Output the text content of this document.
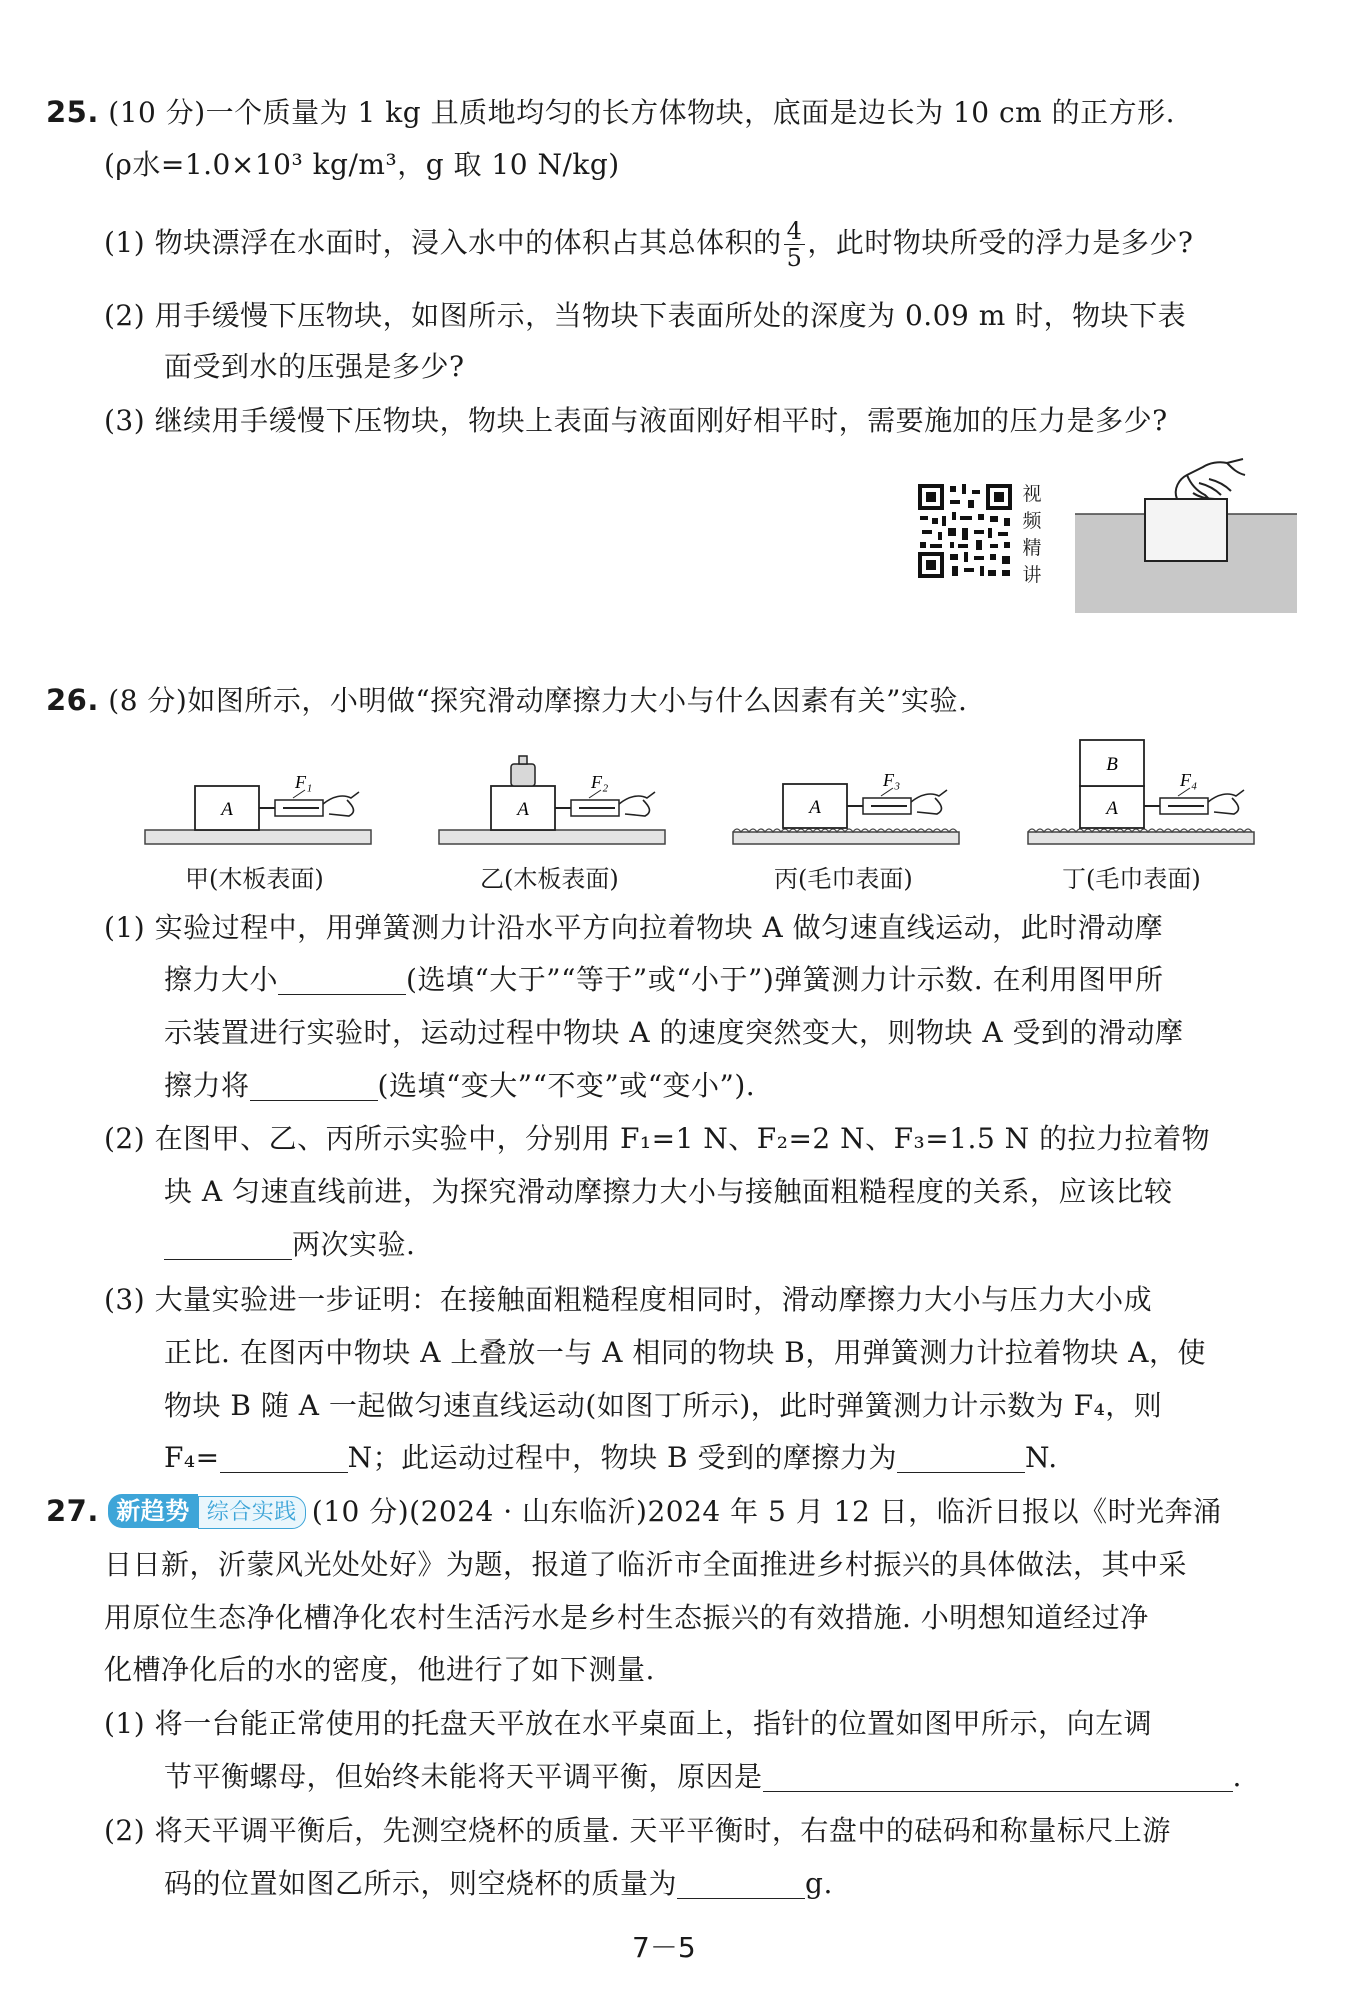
25. (10 分)一个质量为 1 kg 且质地均匀的长方体物块，底面是边长为 10 cm 的正方形.
(ρ水=1.0×10³ kg/m³，g 取 10 N/kg)
(1) 物块漂浮在水面时，浸入水中的体积占其总体积的 $\frac{4}{5}$ ，此时物块所受的浮力是多少?
(2) 用手缓慢下压物块，如图所示，当物块下表面所处的深度为 0.09 m 时，物块下表
面受到水的压强是多少?
(3) 继续用手缓慢下压物块，物块上表面与液面刚好相平时，需要施加的压力是多少?
视
频
精
讲
26. (8 分)如图所示，小明做“探究滑动摩擦力大小与什么因素有关”实验.
A
F₁
甲(木板表面)
A
F₂
乙(木板表面)
A
F₃
丙(毛巾表面)
A
B
F₄
丁(毛巾表面)
(1) 实验过程中，用弹簧测力计沿水平方向拉着物块 A 做匀速直线运动，此时滑动摩
擦力大小	(选填“大于”“等于”或“小于”)弹簧测力计示数. 在利用图甲所
示装置进行实验时，运动过程中物块 A 的速度突然变大，则物块 A 受到的滑动摩
擦力将	(选填“变大”“不变”或“变小”).
(2) 在图甲、乙、丙所示实验中，分别用 F₁=1 N、F₂=2 N、F₃=1.5 N 的拉力拉着物
块 A 匀速直线前进，为探究滑动摩擦力大小与接触面粗糙程度的关系，应该比较
两次实验.
(3) 大量实验进一步证明：在接触面粗糙程度相同时，滑动摩擦力大小与压力大小成
正比. 在图丙中物块 A 上叠放一与 A 相同的物块 B，用弹簧测力计拉着物块 A，使
物块 B 随 A 一起做匀速直线运动(如图丁所示)，此时弹簧测力计示数为 F₄，则
F₄=	N；此运动过程中，物块 B 受到的摩擦力为	N.
27. 新趋势 综合实践 (10 分)(2024 · 山东临沂)2024 年 5 月 12 日，临沂日报以《时光奔涌
日日新，沂蒙风光处处好》为题，报道了临沂市全面推进乡村振兴的具体做法，其中采
用原位生态净化槽净化农村生活污水是乡村生态振兴的有效措施. 小明想知道经过净
化槽净化后的水的密度，他进行了如下测量.
(1) 将一台能正常使用的托盘天平放在水平桌面上，指针的位置如图甲所示，向左调
节平衡螺母，但始终未能将天平调平衡，原因是	.
(2) 将天平调平衡后，先测空烧杯的质量. 天平平衡时，右盘中的砝码和称量标尺上游
码的位置如图乙所示，则空烧杯的质量为	g.
7－5
